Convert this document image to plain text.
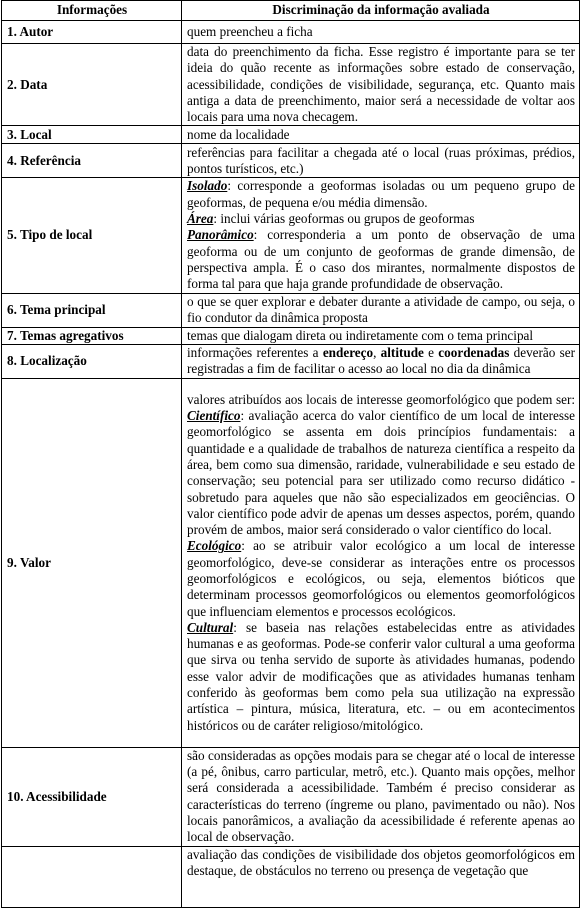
Informações	Discriminação da informação avaliada
1. Autor	quem preencheu a ficha
2. Data	data do preenchimento da ficha. Esse registro é importante para se ter ideia do quão recente as informações sobre estado de conservação, acessibilidade, condições de visibilidade, segurança, etc. Quanto mais antiga a data de preenchimento, maior será a necessidade de voltar aos locais para uma nova checagem.
3. Local	nome da localidade
4. Referência	referências para facilitar a chegada até o local (ruas próximas, prédios, pontos turísticos, etc.)
5. Tipo de local	Isolado: corresponde a geoformas isoladas ou um pequeno grupo de geoformas, de pequena e/ou média dimensão.

Área: inclui várias geoformas ou grupos de geoformas

Panorâmico: corresponderia a um ponto de observação de uma geoforma ou de um conjunto de geoformas de grande dimensão, de perspectiva ampla. É o caso dos mirantes, normalmente dispostos de forma tal para que haja grande profundidade de observação.

6. Tema principal	o que se quer explorar e debater durante a atividade de campo, ou seja, o fio condutor da dinâmica proposta
7. Temas agregativos	temas que dialogam direta ou indiretamente com o tema principal
8. Localização	informações referentes a endereço, altitude e coordenadas deverão ser registradas a fim de facilitar o acesso ao local no dia da dinâmica
9. Valor	valores atribuídos aos locais de interesse geomorfológico que podem ser: Científico: avaliação acerca do valor científico de um local de interesse geomorfológico se assenta em dois princípios fundamentais: a quantidade e a qualidade de trabalhos de natureza científica a respeito da área, bem como sua dimensão, raridade, vulnerabilidade e seu estado de conservação; seu potencial para ser utilizado como recurso didático - sobretudo para aqueles que não são especializados em geociências. O valor científico pode advir de apenas um desses aspectos, porém, quando provém de ambos, maior será considerado o valor científico do local.

Ecológico: ao se atribuir valor ecológico a um local de interesse geomorfológico, deve-se considerar as interações entre os processos geomorfológicos e ecológicos, ou seja, elementos bióticos que determinam processos geomorfológicos ou elementos geomorfológicos que influenciam elementos e processos ecológicos.

Cultural: se baseia nas relações estabelecidas entre as atividades humanas e as geoformas. Pode-se conferir valor cultural a uma geoforma que sirva ou tenha servido de suporte às atividades humanas, podendo esse valor advir de modificações que as atividades humanas tenham conferido às geoformas bem como pela sua utilização na expressão artística – pintura, música, literatura, etc. – ou em acontecimentos históricos ou de caráter religioso/mitológico.

10. Acessibilidade	são consideradas as opções modais para se chegar até o local de interesse (a pé, ônibus, carro particular, metrô, etc.). Quanto mais opções, melhor será considerada a acessibilidade. Também é preciso considerar as características do terreno (íngreme ou plano, pavimentado ou não). Nos locais panorâmicos, a avaliação da acessibilidade é referente apenas ao local de observação.
	avaliação das condições de visibilidade dos objetos geomorfológicos em destaque, de obstáculos no terreno ou presença de vegetação que
